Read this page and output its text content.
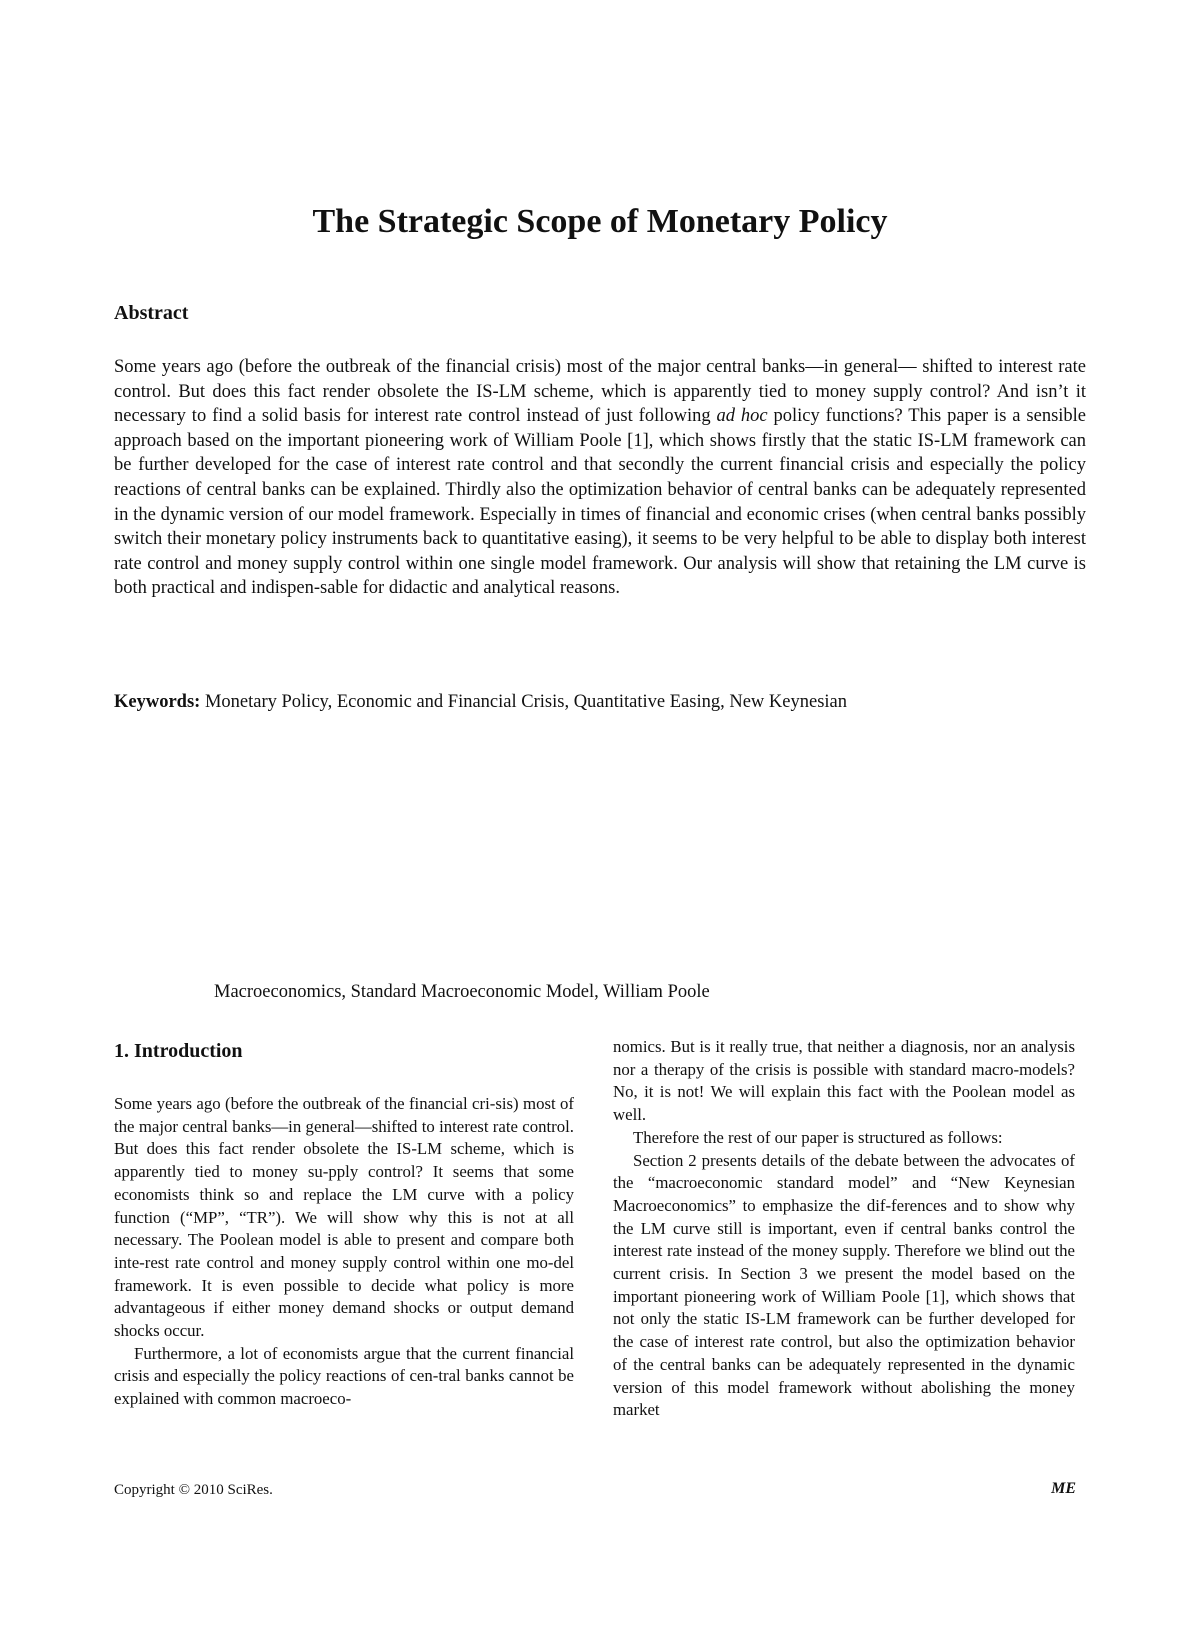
The Strategic Scope of Monetary Policy
Abstract

Some years ago (before the outbreak of the financial crisis) most of the major central banks—in general— shifted to interest rate control. But does this fact render obsolete the IS-LM scheme, which is apparently tied to money supply control? And isn’t it necessary to find a solid basis for interest rate control instead of just following ad hoc policy functions? This paper is a sensible approach based on the important pioneering work of William Poole [1], which shows firstly that the static IS-LM framework can be further developed for the case of interest rate control and that secondly the current financial crisis and especially the policy reactions of central banks can be explained. Thirdly also the optimization behavior of central banks can be adequately represented in the dynamic version of our model framework. Especially in times of financial and economic crises (when central banks possibly switch their monetary policy instruments back to quantitative easing), it seems to be very helpful to be able to display both interest rate control and money supply control within one single model framework. Our analysis will show that retaining the LM curve is both practical and indispen-sable for didactic and analytical reasons.

Keywords: Monetary Policy, Economic and Financial Crisis, Quantitative Easing, New Keynesian

Macroeconomics, Standard Macroeconomic Model, William Poole

1. Introduction

Some years ago (before the outbreak of the financial cri-sis) most of the major central banks—in general—shifted to interest rate control. But does this fact render obsolete the IS-LM scheme, which is apparently tied to money su-pply control? It seems that some economists think so and replace the LM curve with a policy function (“MP”, “TR”). We will show why this is not at all necessary. The Poolean model is able to present and compare both inte-rest rate control and money supply control within one mo-del framework. It is even possible to decide what policy is more advantageous if either money demand shocks or output demand shocks occur.

Furthermore, a lot of economists argue that the current financial crisis and especially the policy reactions of cen-tral banks cannot be explained with common macroeco-

nomics. But is it really true, that neither a diagnosis, nor an analysis nor a therapy of the crisis is possible with standard macro-models? No, it is not! We will explain this fact with the Poolean model as well.

Therefore the rest of our paper is structured as follows:

Section 2 presents details of the debate between the advocates of the “macroeconomic standard model” and “New Keynesian Macroeconomics” to emphasize the dif-ferences and to show why the LM curve still is important, even if central banks control the interest rate instead of the money supply. Therefore we blind out the current crisis. In Section 3 we present the model based on the important pioneering work of William Poole [1], which shows that not only the static IS-LM framework can be further developed for the case of interest rate control, but also the optimization behavior of the central banks can be adequately represented in the dynamic version of this model framework without abolishing the money market

Copyright © 2010 SciRes.	ME
